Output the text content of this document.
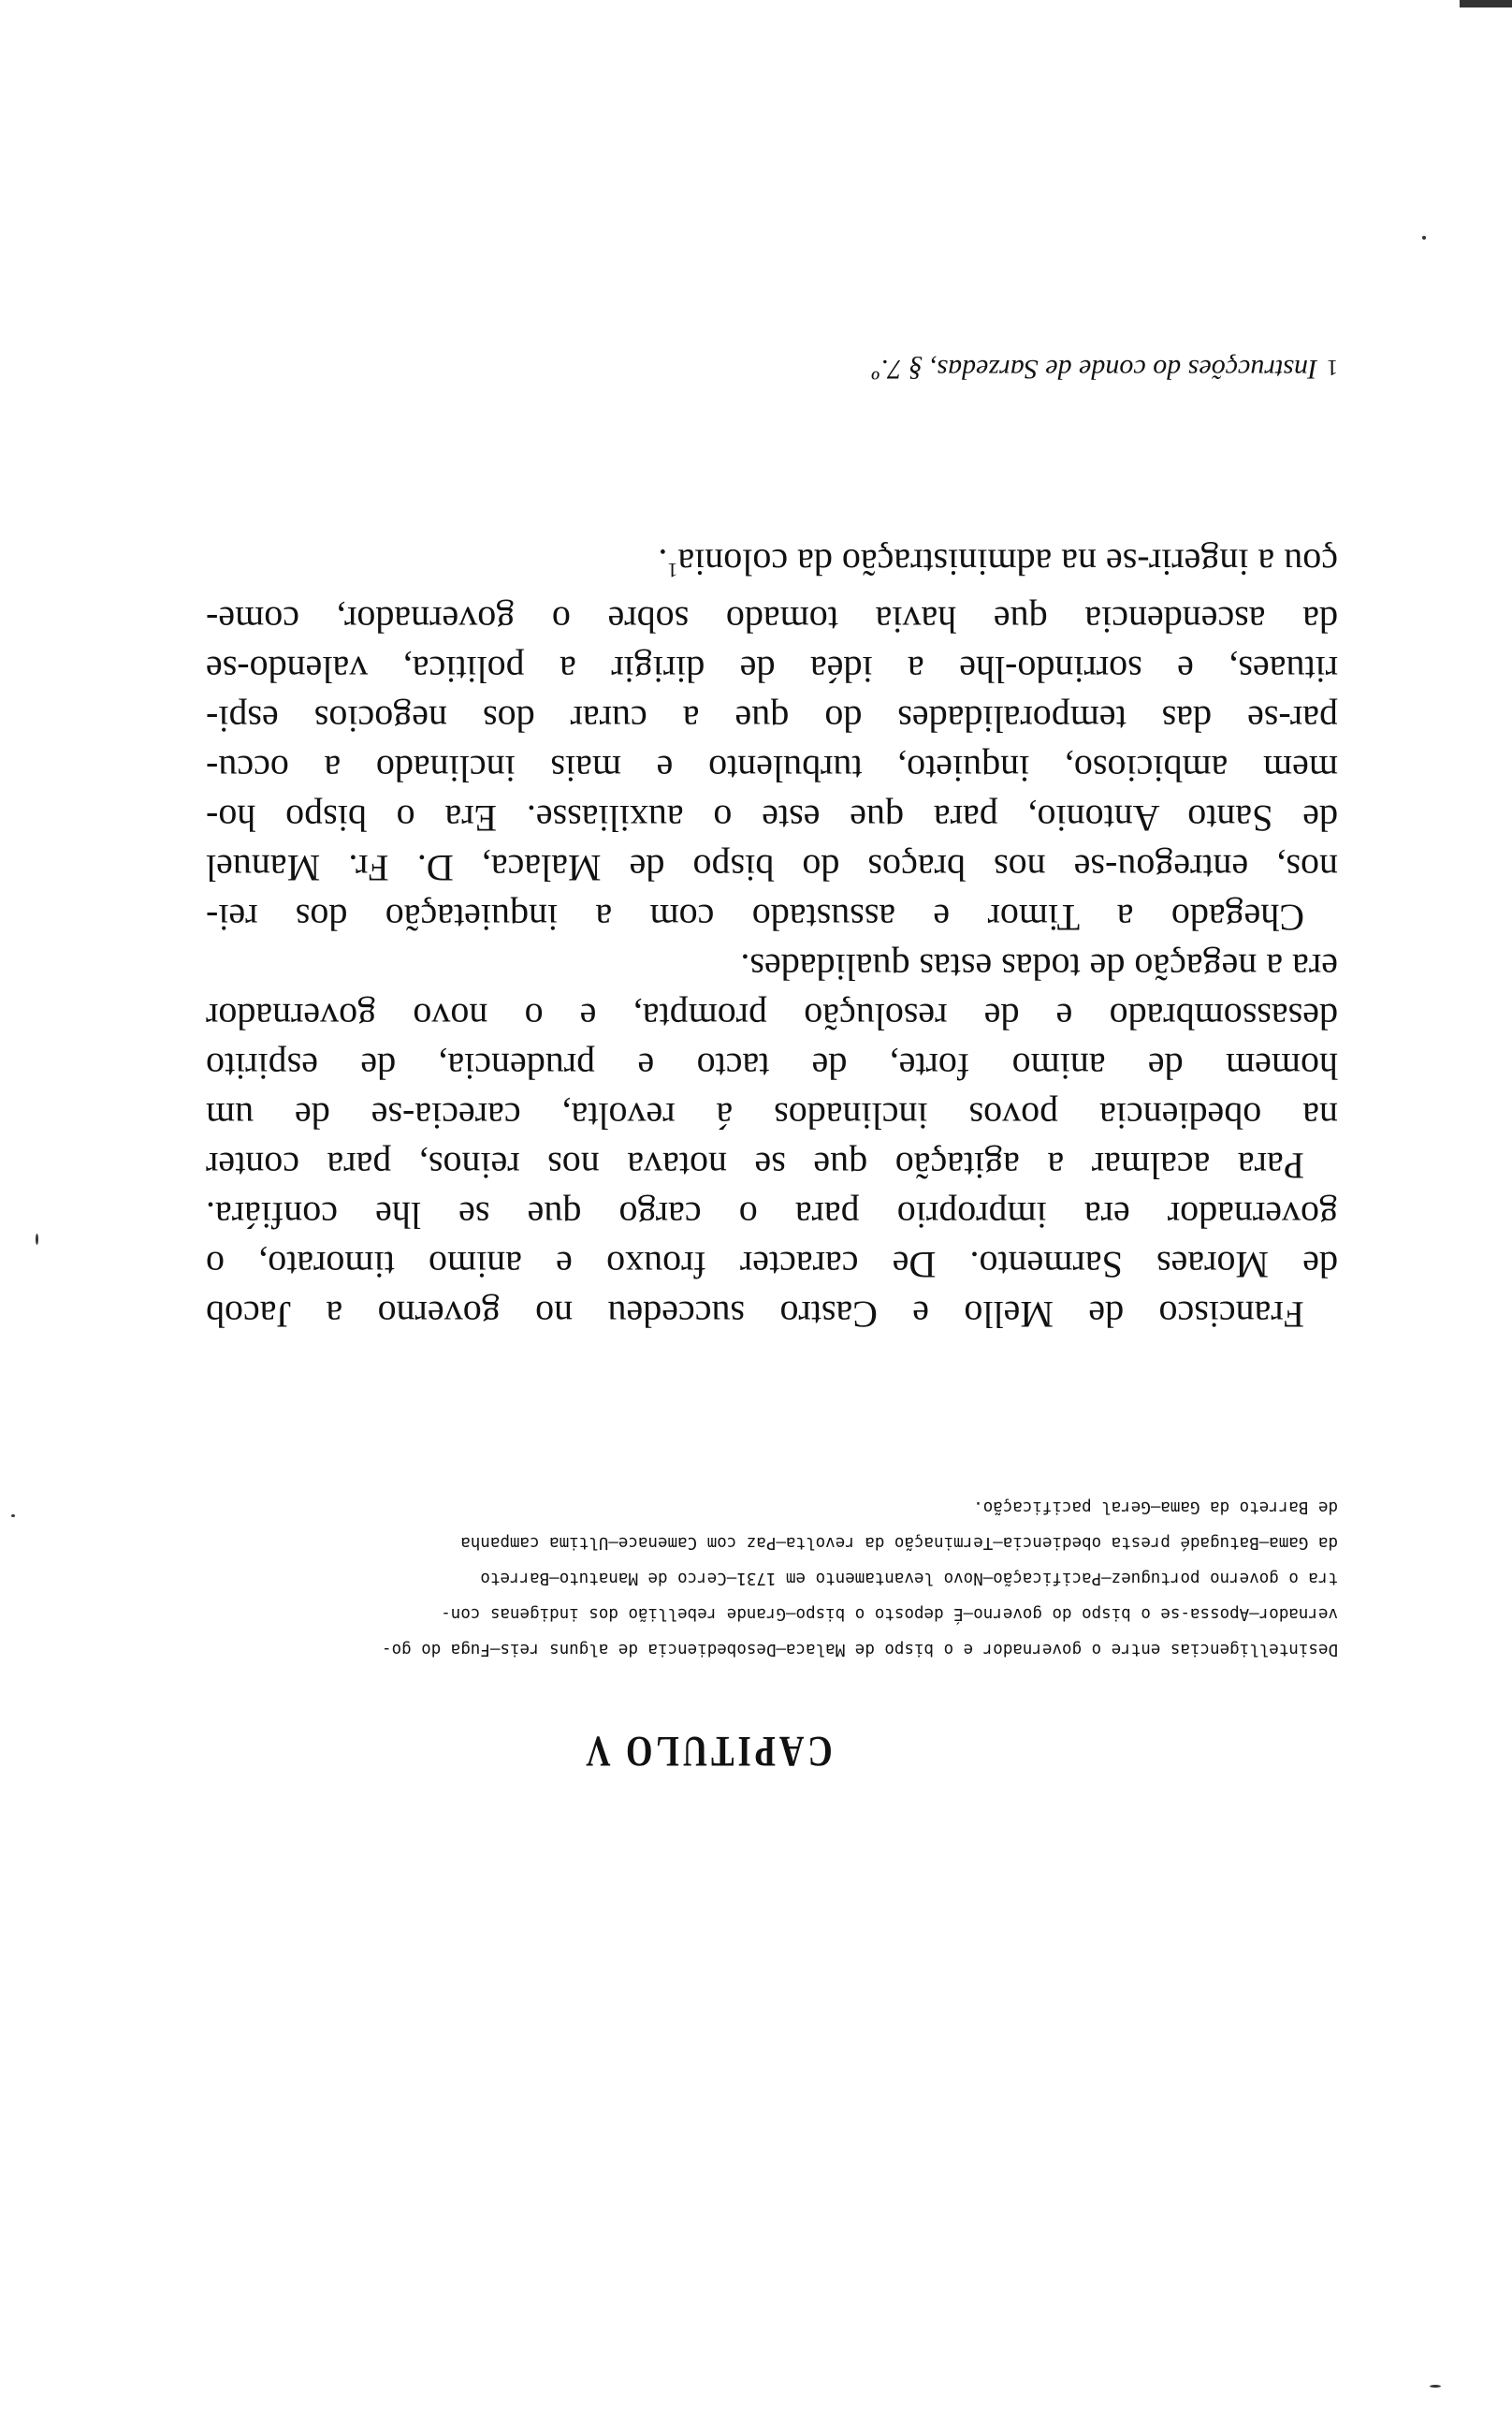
CAPITULO V
Desintelligencias entre o governador e o bispo de Malaca—Desobediencia de alguns reis—Fuga do go-
vernador—Apossa-se o bispo do governo—É deposto o bispo—Grande rebellião dos indigenas con-
tra o governo portuguez—Pacificação—Novo levantamento em 1731—Cerco de Manatuto—Barreto
da Gama—Batugadé presta obediencia—Terminação da revolta—Paz com Camenace—Ultima campanha
de Barreto da Gama—Geral pacificação.
Francisco de Mello e Castro succedeu no governo a Jacob
de Moraes Sarmento. De caracter frouxo e animo timorato, o
governador era improprio para o cargo que se lhe confiára.
Para acalmar a agitação que se notava nos reinos, para conter
na obediencia povos inclinados á revolta, carecia-se de um
homem de animo forte, de tacto e prudencia, de espirito
desassombrado e de resolução prompta, e o novo governador
era a negação de todas estas qualidades.
Chegado a Timor e assustado com a inquietação dos rei-
nos, entregou-se nos braços do bispo de Malaca, D. Fr. Manuel
de Santo Antonio, para que este o auxiliasse. Era o bispo ho-
mem ambicioso, inquieto, turbulento e mais inclinado a occu-
par-se das temporalidades do que a curar dos negocios espi-
rituaes, e sorrindo-lhe a idéa de dirigir a politica, valendo-se
da ascendencia que havia tomado sobre o governador, come-
çou a ingerir-se na administração da colonia$^1$.
1Instrucções do conde de Sarzedas, § 7.º
